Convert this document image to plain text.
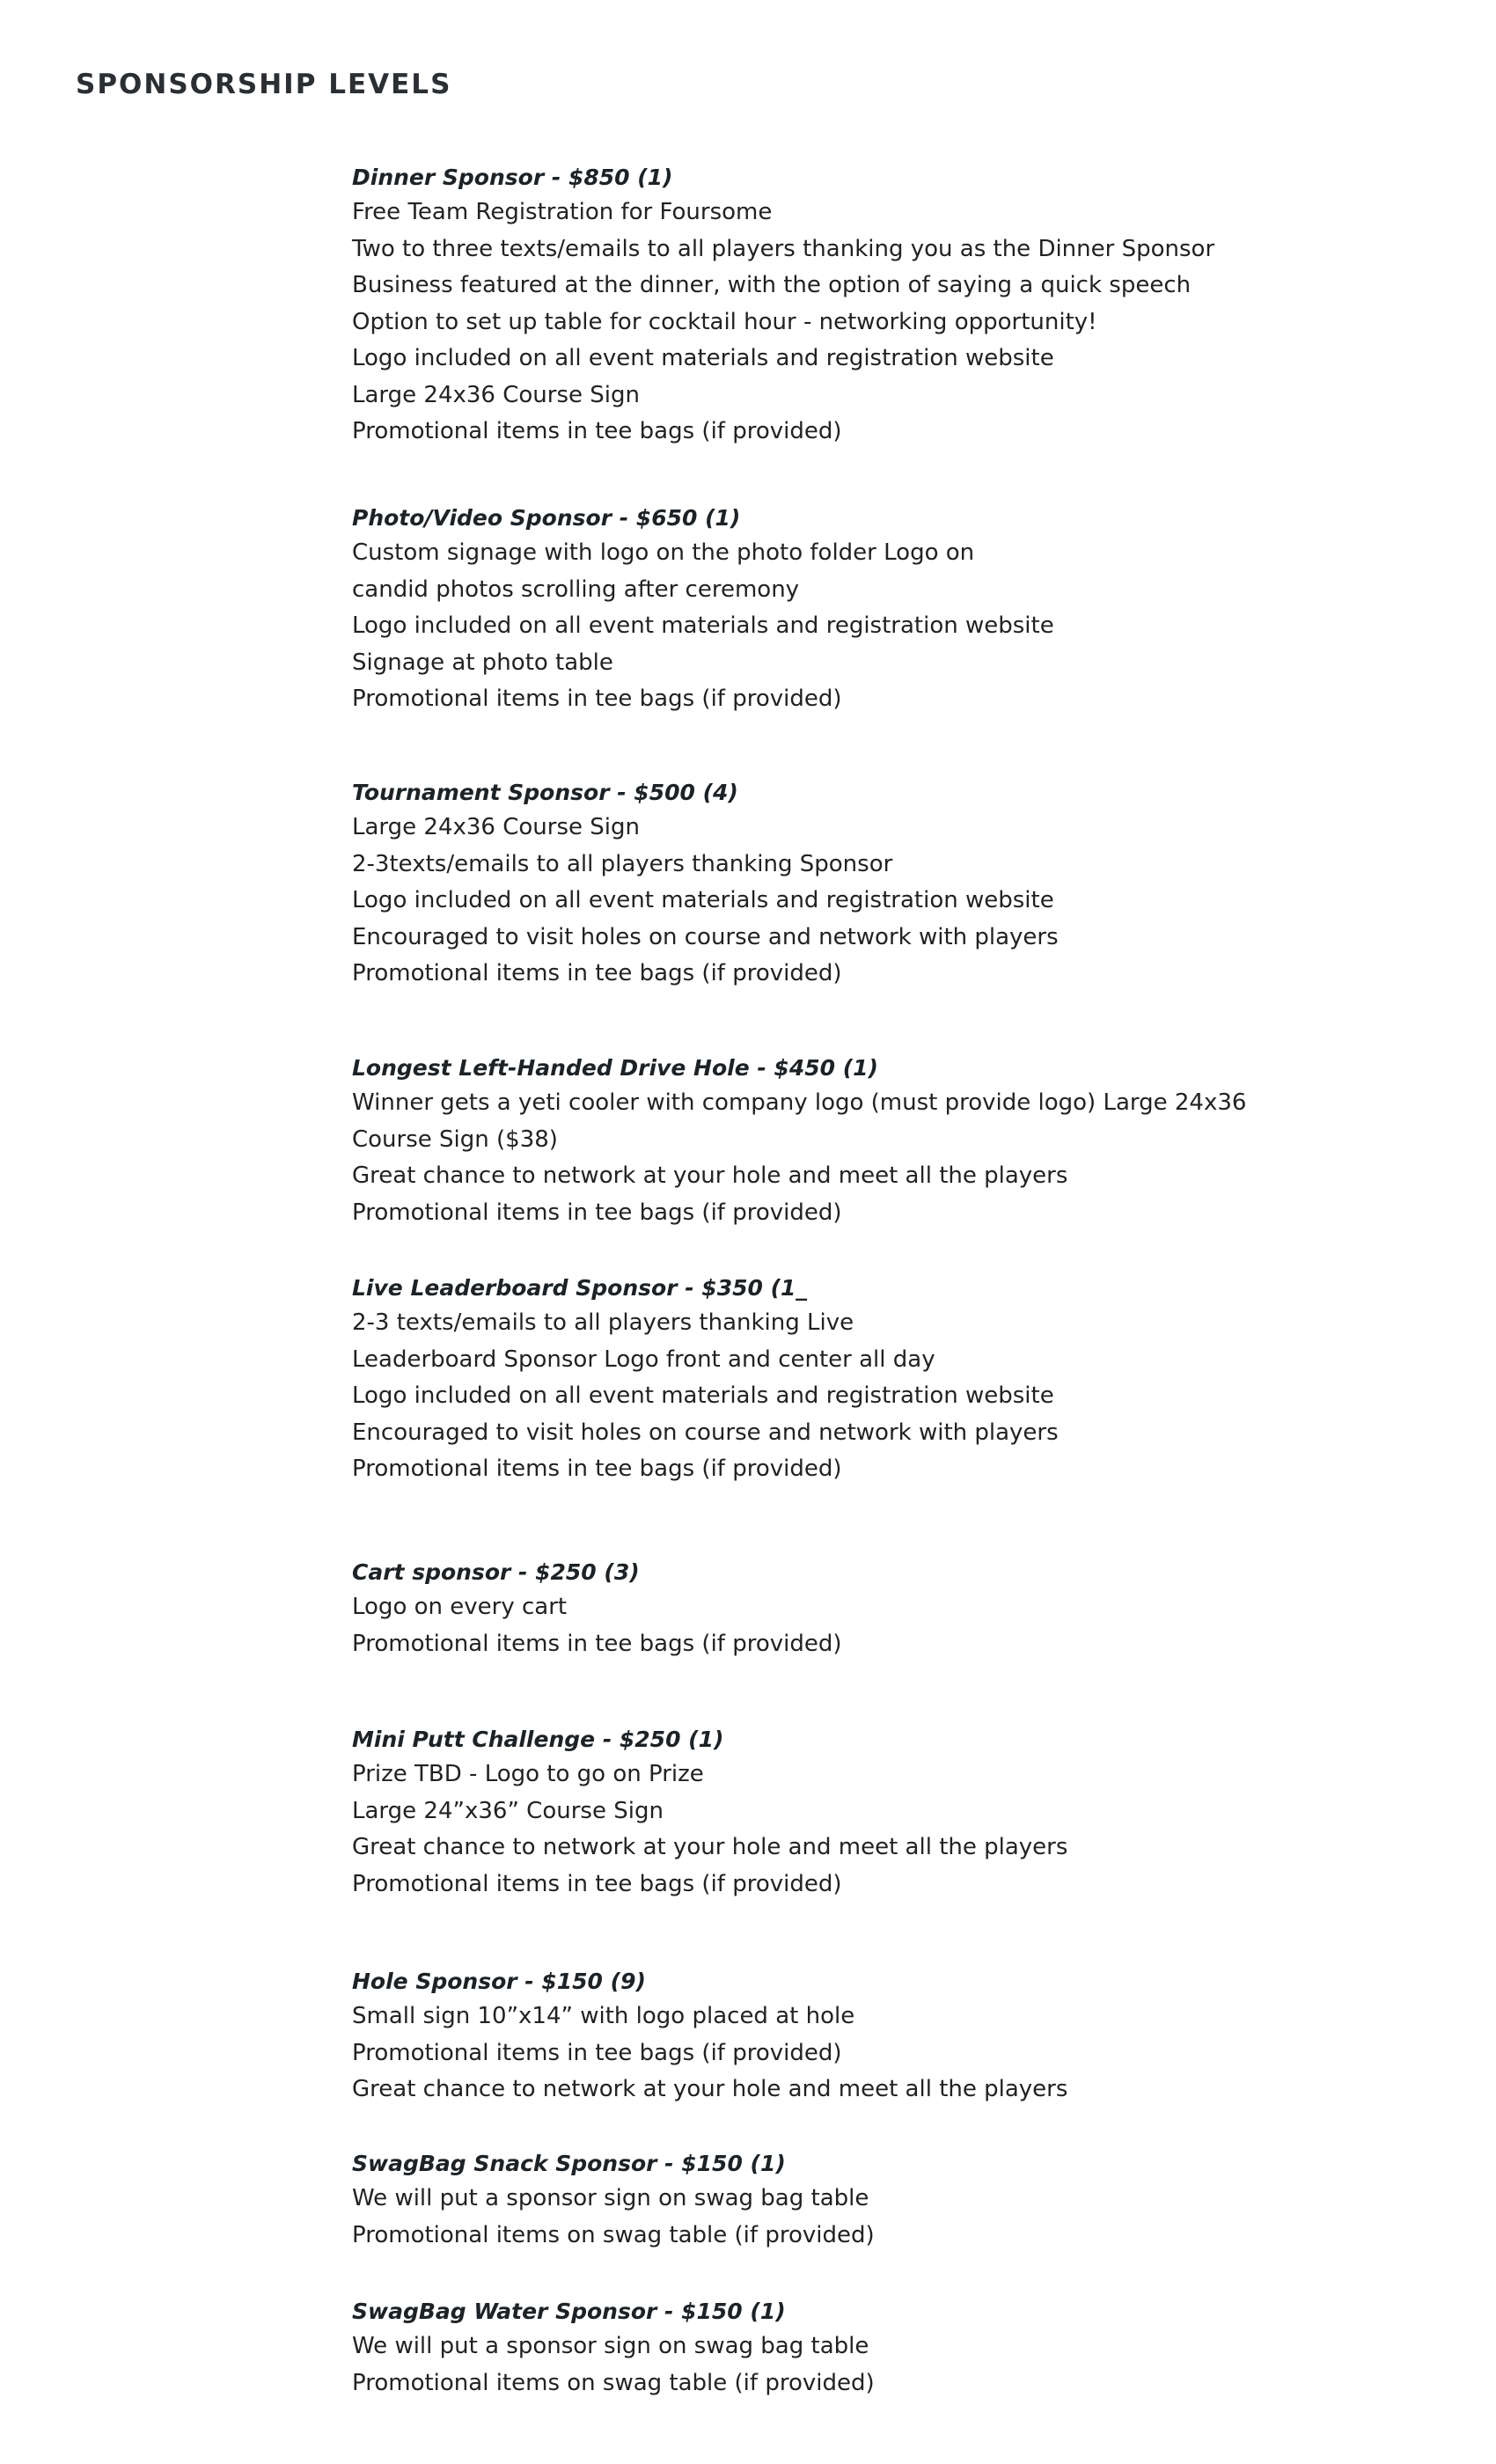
SPONSORSHIP LEVELS
Dinner Sponsor - $850 (1)
Free Team Registration for Foursome
Two to three texts/emails to all players thanking you as the Dinner Sponsor
Business featured at the dinner, with the option of saying a quick speech
Option to set up table for cocktail hour - networking opportunity!
Logo included on all event materials and registration website
Large 24x36 Course Sign
Promotional items in tee bags (if provided)
Photo/Video Sponsor - $650 (1)
Custom signage with logo on the photo folder Logo on
candid photos scrolling after ceremony
Logo included on all event materials and registration website
Signage at photo table
Promotional items in tee bags (if provided)
Tournament Sponsor - $500 (4)
Large 24x36 Course Sign
2-3texts/emails to all players thanking Sponsor
Logo included on all event materials and registration website
Encouraged to visit holes on course and network with players
Promotional items in tee bags (if provided)
Longest Left-Handed Drive Hole - $450 (1)
Winner gets a yeti cooler with company logo (must provide logo) Large 24x36
Course Sign ($38)
Great chance to network at your hole and meet all the players
Promotional items in tee bags (if provided)
Live Leaderboard Sponsor - $350 (1_
2-3 texts/emails to all players thanking Live
Leaderboard Sponsor Logo front and center all day
Logo included on all event materials and registration website
Encouraged to visit holes on course and network with players
Promotional items in tee bags (if provided)
Cart sponsor - $250 (3)
Logo on every cart
Promotional items in tee bags (if provided)
Mini Putt Challenge - $250 (1)
Prize TBD - Logo to go on Prize
Large 24”x36” Course Sign
Great chance to network at your hole and meet all the players
Promotional items in tee bags (if provided)
Hole Sponsor - $150 (9)
Small sign 10”x14” with logo placed at hole
Promotional items in tee bags (if provided)
Great chance to network at your hole and meet all the players
SwagBag Snack Sponsor - $150 (1)
We will put a sponsor sign on swag bag table
Promotional items on swag table (if provided)
SwagBag Water Sponsor - $150 (1)
We will put a sponsor sign on swag bag table
Promotional items on swag table (if provided)
